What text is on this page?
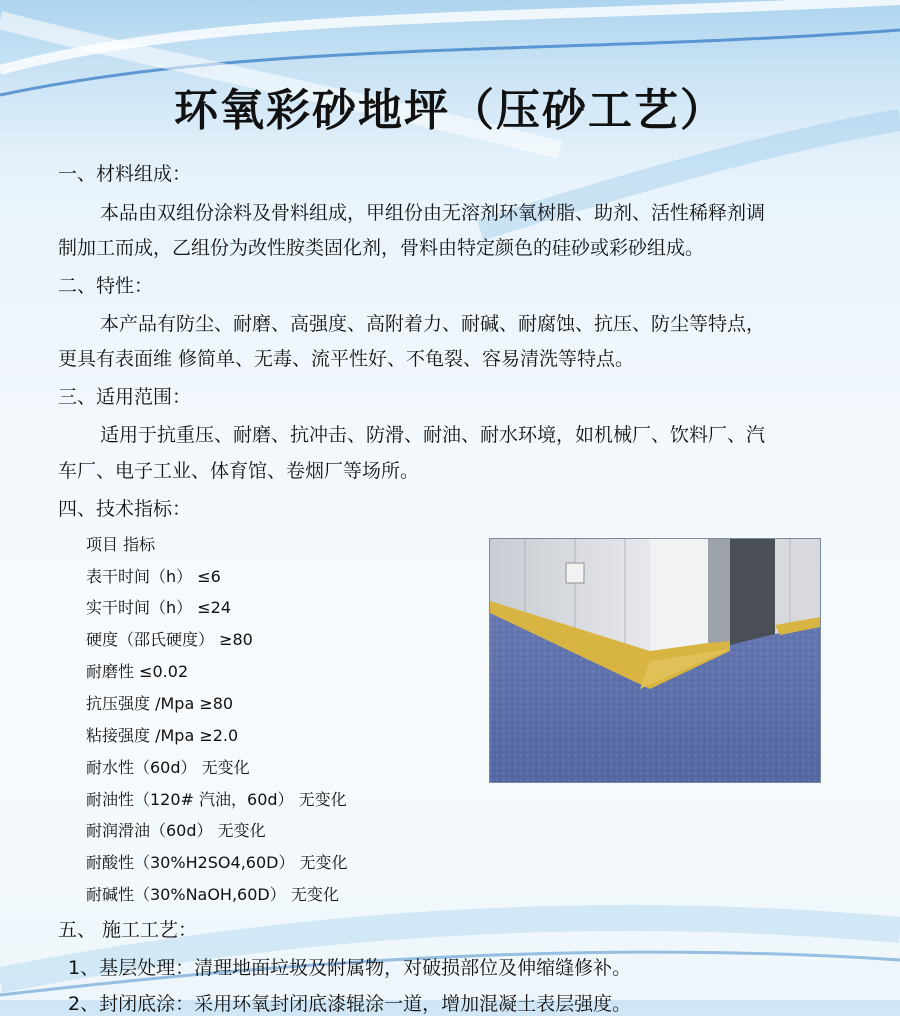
环氧彩砂地坪（压砂工艺）
一、材料组成：
本品由双组份涂料及骨料组成，甲组份由无溶剂环氧树脂、助剂、活性稀释剂调
制加工而成，乙组份为改性胺类固化剂，骨料由特定颜色的硅砂或彩砂组成。
二、特性：
本产品有防尘、耐磨、高强度、高附着力、耐碱、耐腐蚀、抗压、防尘等特点，
更具有表面维 修简单、无毒、流平性好、不龟裂、容易清洗等特点。
三、适用范围：
适用于抗重压、耐磨、抗冲击、防滑、耐油、耐水环境，如机械厂、饮料厂、汽
车厂、电子工业、体育馆、卷烟厂等场所。
四、技术指标：
项目 指标
表干时间（h） ≤6
实干时间（h） ≤24
硬度（邵氏硬度） ≥80
耐磨性 ≤0.02
抗压强度 /Mpa ≥80
粘接强度 /Mpa ≥2.0
耐水性（60d） 无变化
耐油性（120# 汽油，60d） 无变化
耐润滑油（60d） 无变化
耐酸性（30%H2SO4,60D） 无变化
耐碱性（30%NaOH,60D） 无变化
五、 施工工艺：
1、基层处理：清理地面垃圾及附属物，对破损部位及伸缩缝修补。
2、封闭底涂：采用环氧封闭底漆辊涂一道，增加混凝土表层强度。
